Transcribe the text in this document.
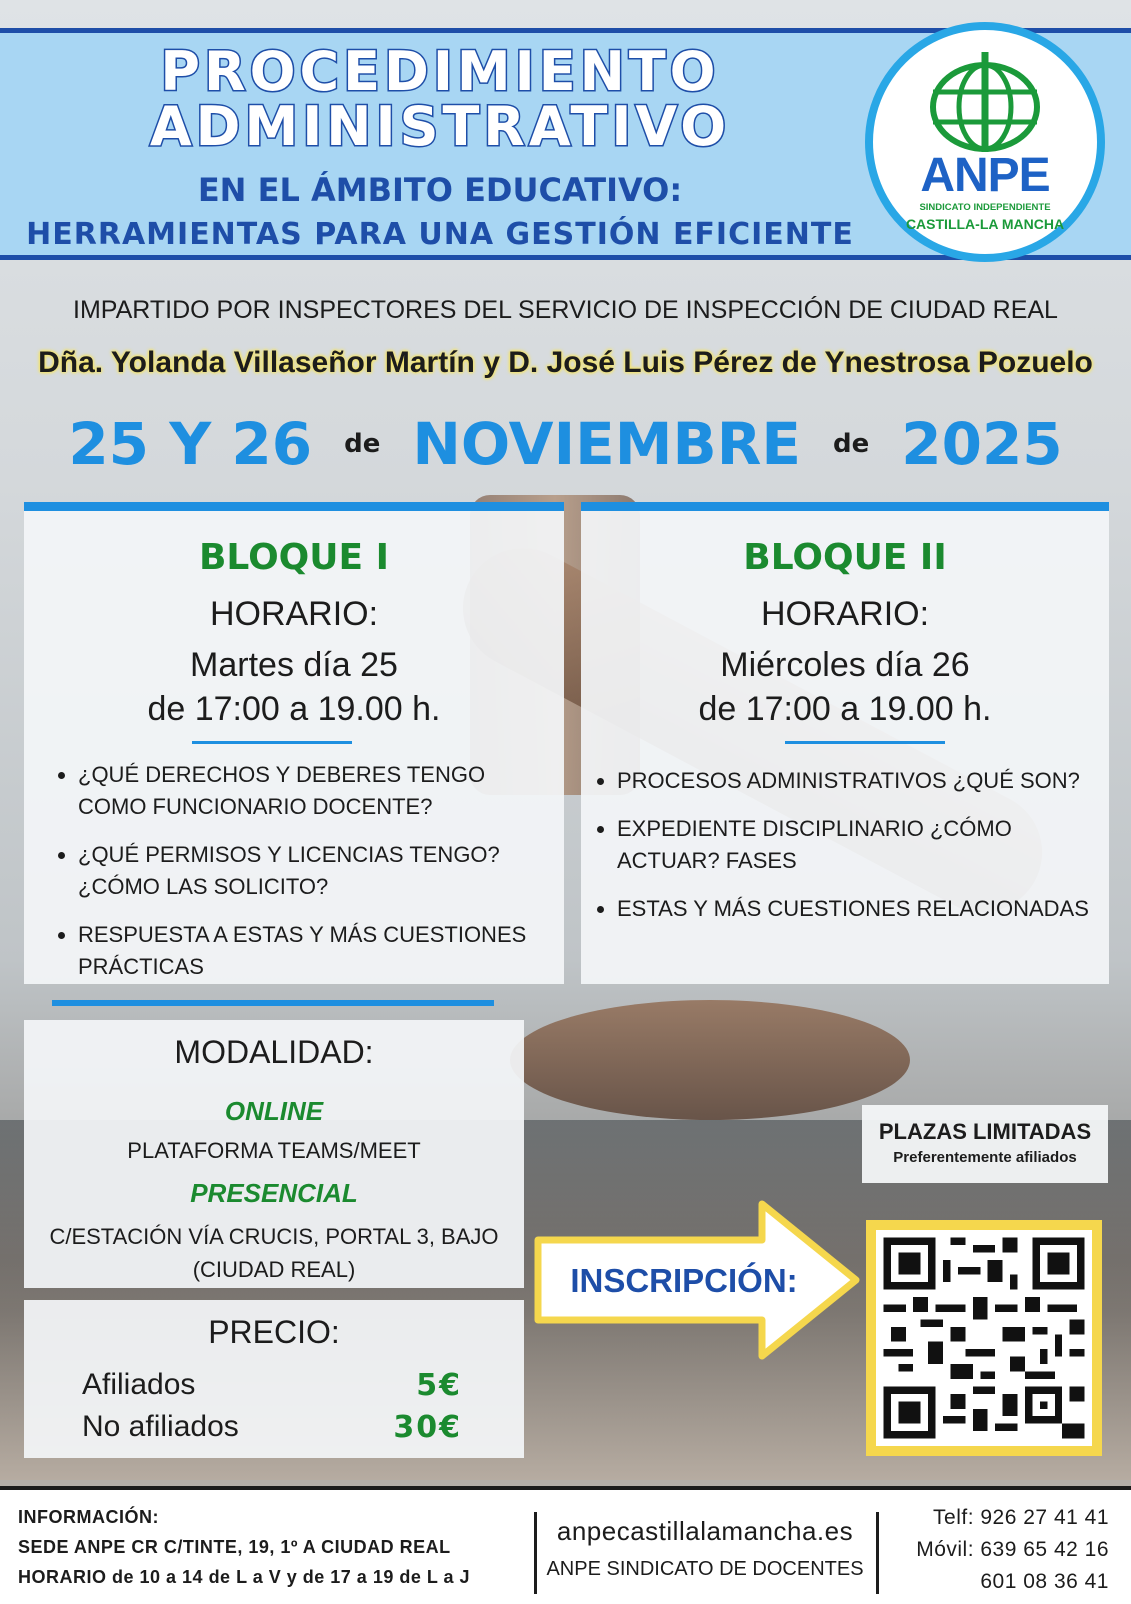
PROCEDIMIENTO
ADMINISTRATIVO
EN EL ÁMBITO EDUCATIVO:
HERRAMIENTAS PARA UNA GESTIÓN EFICIENTE
ANPE
SINDICATO INDEPENDIENTE
CASTILLA-LA MANCHA
IMPARTIDO POR INSPECTORES DEL SERVICIO DE INSPECCIÓN DE CIUDAD REAL
Dña. Yolanda Villaseñor Martín y D. José Luis Pérez de Ynestrosa Pozuelo
25 Y 26 de NOVIEMBRE de 2025
BLOQUE I
HORARIO:
Martes día 25
de 17:00 a 19.00 h.
• ¿QUÉ DERECHOS Y DEBERES TENGO COMO FUNCIONARIO DOCENTE?
• ¿QUÉ PERMISOS Y LICENCIAS TENGO? ¿CÓMO LAS SOLICITO?
• RESPUESTA A ESTAS Y MÁS CUESTIONES PRÁCTICAS
BLOQUE II
HORARIO:
Miércoles día 26
de 17:00 a 19.00 h.
• PROCESOS ADMINISTRATIVOS ¿QUÉ SON?
• EXPEDIENTE DISCIPLINARIO ¿CÓMO ACTUAR? FASES
• ESTAS Y MÁS CUESTIONES RELACIONADAS
MODALIDAD:
ONLINE
PLATAFORMA TEAMS/MEET
PRESENCIAL
C/ESTACIÓN VÍA CRUCIS, PORTAL 3, BAJO
(CIUDAD REAL)
PRECIO:
Afiliados	5€
No afiliados	30€
PLAZAS LIMITADAS
Preferentemente afiliados
INSCRIPCIÓN:
INFORMACIÓN:
SEDE ANPE CR C/TINTE, 19, 1º A CIUDAD REAL
HORARIO de 10 a 14 de L a V y de 17 a 19 de L a J
anpecastillalamancha.es
ANPE SINDICATO DE DOCENTES
Telf: 926 27 41 41
Móvil: 639 65 42 16
601 08 36 41
